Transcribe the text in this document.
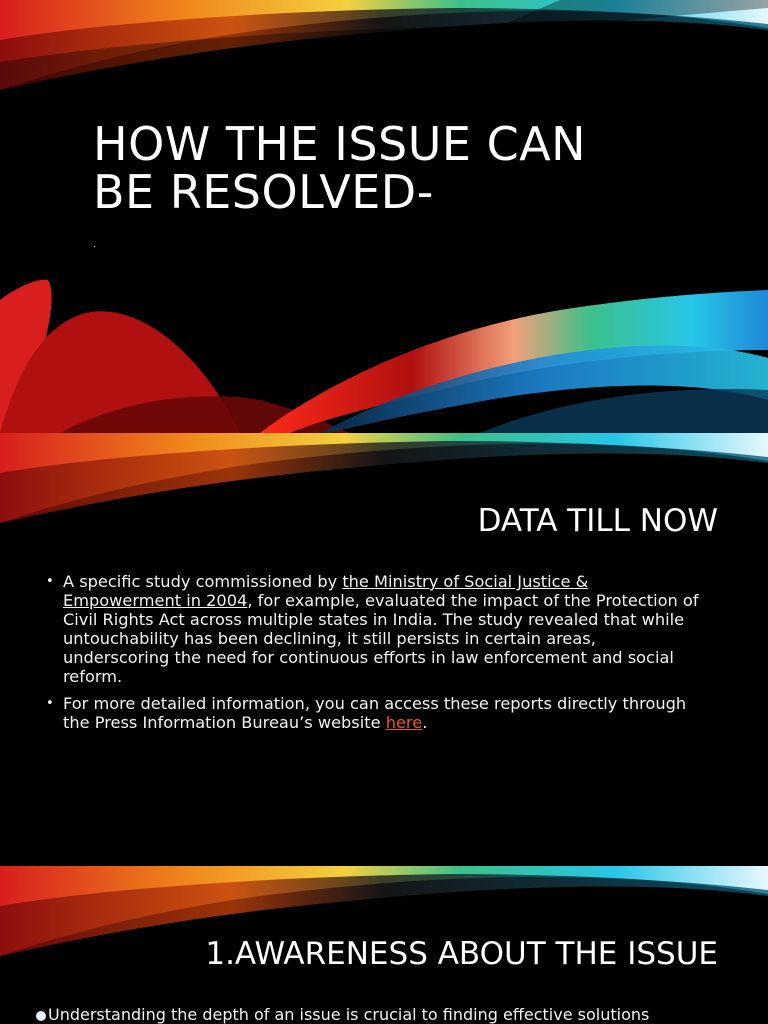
HOW THE ISSUE CAN
BE RESOLVED-
.
DATA TILL NOW
• A specific study commissioned by the Ministry of Social Justice & Empowerment in 2004, for example, evaluated the impact of the Protection of Civil Rights Act across multiple states in India. The study revealed that while untouchability has been declining, it still persists in certain areas, underscoring the need for continuous efforts in law enforcement and social reform.
• For more detailed information, you can access these reports directly through the Press Information Bureau’s website here.
1.AWARENESS ABOUT THE ISSUE
Understanding the depth of an issue is crucial to finding effective solutions
